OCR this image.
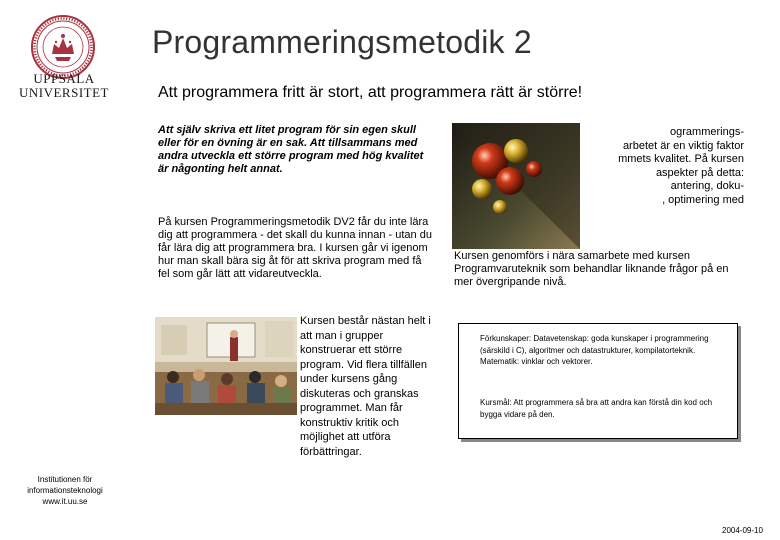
UPPSALA
UNIVERSITET
Programmeringsmetodik 2
Att programmera fritt är stort, att programmera rätt är större!
Att själv skriva ett litet program för sin egen skull eller för en övning är en sak. Att tillsammans med andra utveckla ett större program med hög kvalitet är någonting helt annat.
På kursen Programmeringsmetodik DV2 får du inte lära dig att programmera - det skall du kunna innan - utan du får lära dig att programmera bra. I kursen går vi igenom hur man skall bära sig åt för att skriva program med få fel som går lätt att vidareutveckla.
Kursen består nästan helt i att man i grupper konstruerar ett större program. Vid flera tillfällen under kursens gång diskuteras och granskas programmet. Man får konstruktiv kritik och möjlighet att utföra förbättringar.
ogrammerings-
arbetet är en viktig faktor
mmets kvalitet. På kursen
aspekter på detta:
antering, doku-
, optimering med
Kursen genomförs i nära samarbete med kursen Programvaruteknik som behandlar liknande frågor på en mer övergripande nivå.
Förkunskaper: Datavetenskap: goda kunskaper i programmering (särskild i C), algoritmer och datastrukturer, kompilatorteknik. Matematik: vinklar och vektorer.
Kursmål: Att programmera så bra att andra kan förstå din kod och bygga vidare på den.
Institutionen för
informationsteknologi
www.it.uu.se
2004-09-10
